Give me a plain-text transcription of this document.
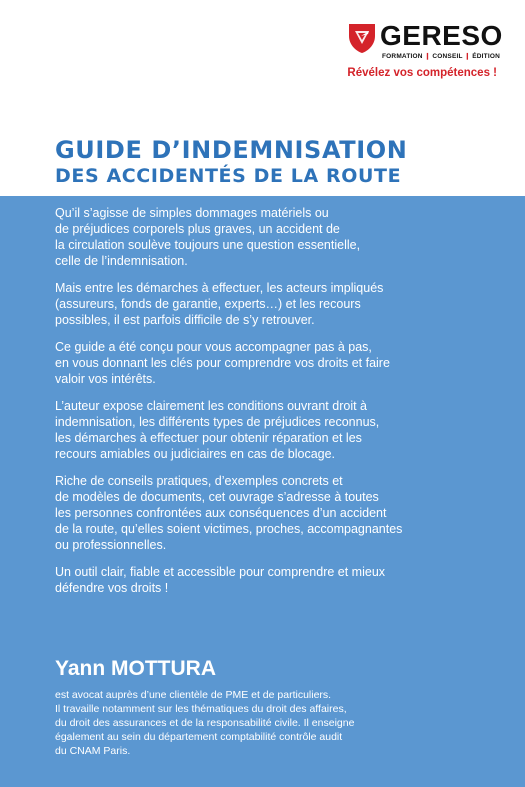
GERESO
FORMATION ❙ CONSEIL ❙ ÉDITION
Révélez vos compétences !
GUIDE D’INDEMNISATION
DES ACCIDENTÉS DE LA ROUTE

Qu’il s’agisse de simples dommages matériels ou
de préjudices corporels plus graves, un accident de
la circulation soulève toujours une question essentielle,
celle de l’indemnisation.

Mais entre les démarches à effectuer, les acteurs impliqués
(assureurs, fonds de garantie, experts…) et les recours
possibles, il est parfois difficile de s’y retrouver.

Ce guide a été conçu pour vous accompagner pas à pas,
en vous donnant les clés pour comprendre vos droits et faire
valoir vos intérêts.

L’auteur expose clairement les conditions ouvrant droit à
indemnisation, les différents types de préjudices reconnus,
les démarches à effectuer pour obtenir réparation et les
recours amiables ou judiciaires en cas de blocage.

Riche de conseils pratiques, d’exemples concrets et
de modèles de documents, cet ouvrage s’adresse à toutes
les personnes confrontées aux conséquences d’un accident
de la route, qu’elles soient victimes, proches, accompagnantes
ou professionnelles.

Un outil clair, fiable et accessible pour comprendre et mieux
défendre vos droits !

Yann MOTTURA
est avocat auprès d’une clientèle de PME et de particuliers.
Il travaille notamment sur les thématiques du droit des affaires,
du droit des assurances et de la responsabilité civile. Il enseigne
également au sein du département comptabilité contrôle audit
du CNAM Paris.
